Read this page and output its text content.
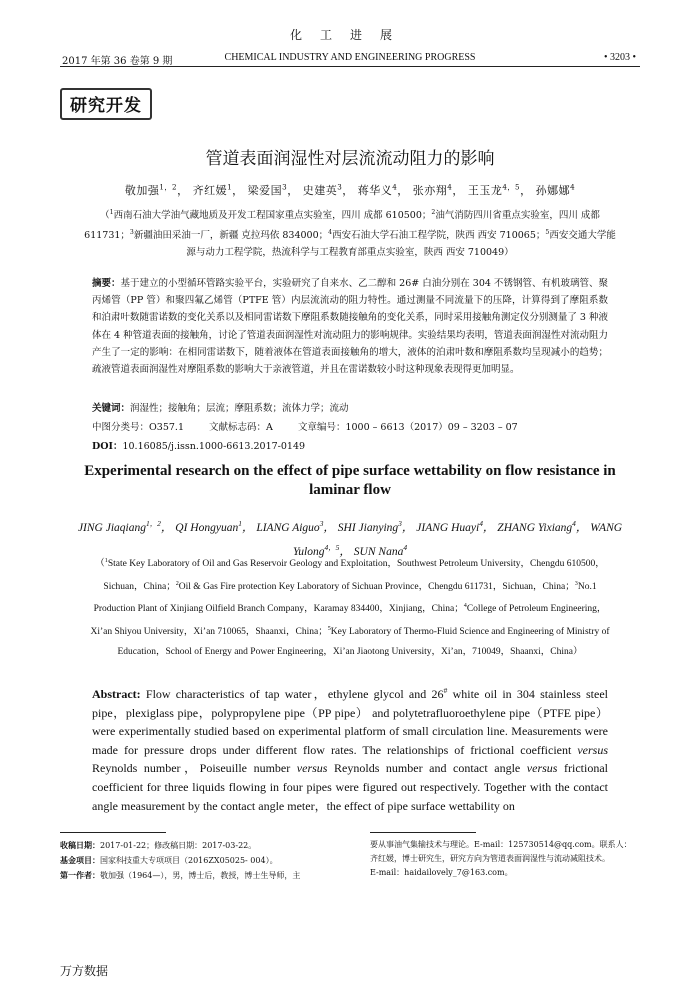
化工进展
2017 年第 36 卷第 9 期	CHEMICAL INDUSTRY AND ENGINEERING PROGRESS	• 3203 •
研究开发
管道表面润湿性对层流流动阻力的影响
敬加强$^{1,2}$， 齐红媛$^1$， 梁爱国$^3$， 史建英$^3$， 蒋华义$^4$， 张亦翔$^4$， 王玉龙$^{4,5}$， 孙娜娜$^4$
（$^1$西南石油大学油气藏地质及开发工程国家重点实验室，四川 成都 610500；$^2$油气消防四川省重点实验室，四川 成都 611731；$^3$新疆油田采油一厂，新疆 克拉玛依 834000；$^4$西安石油大学石油工程学院，陕西 西安 710065；$^5$西安交通大学能源与动力工程学院，热流科学与工程教育部重点实验室，陕西 西安 710049）
摘要：基于建立的小型循环管路实验平台，实验研究了自来水、乙二醇和 26# 白油分别在 304 不锈钢管、有机玻璃管、聚丙烯管（PP 管）和聚四氟乙烯管（PTFE 管）内层流流动的阻力特性。通过测量不同流量下的压降，计算得到了摩阻系数和泊肃叶数随雷诺数的变化关系以及相同雷诺数下摩阻系数随接触角的变化关系，同时采用接触角测定仪分别测量了 3 种液体在 4 种管道表面的接触角，讨论了管道表面润湿性对流动阻力的影响规律。实验结果均表明，管道表面润湿性对流动阻力产生了一定的影响：在相同雷诺数下，随着液体在管道表面接触角的增大，液体的泊肃叶数和摩阻系数均呈现减小的趋势；疏液管道表面润湿性对摩阻系数的影响大于亲液管道，并且在雷诺数较小时这种现象表现得更加明显。
关键词：润湿性；接触角；层流；摩阻系数；流体力学；流动
中图分类号：O357.1	文献标志码：A	文章编号：1000 – 6613（2017）09 – 3203 – 07
DOI：10.16085/j.issn.1000-6613.2017-0149
Experimental research on the effect of pipe surface wettability on flow resistance in laminar flow
JING Jiaqiang$^{1,2}$， QI Hongyuan$^1$， LIANG Aiguo$^3$， SHI Jianying$^3$， JIANG Huayi$^4$， ZHANG Yixiang$^4$， WANG Yulong$^{4,5}$， SUN Nana$^4$
（$^1$State Key Laboratory of Oil and Gas Reservoir Geology and Exploitation，Southwest Petroleum University，Chengdu 610500，Sichuan，China；$^2$Oil & Gas Fire protection Key Laboratory of Sichuan Province，Chengdu 611731，Sichuan，China；$^3$No.1 Production Plant of Xinjiang Oilfield Branch Company，Karamay 834400，Xinjiang，China；$^4$College of Petroleum Engineering，Xi’an Shiyou University，Xi’an 710065，Shaanxi，China；$^5$Key Laboratory of Thermo-Fluid Science and Engineering of Ministry of Education，School of Energy and Power Engineering，Xi’an Jiaotong University，Xi’an，710049，Shaanxi，China）
Abstract: Flow characteristics of tap water，ethylene glycol and 26# white oil in 304 stainless steel pipe，plexiglass pipe，polypropylene pipe（PP pipe） and polytetrafluoroethylene pipe（PTFE pipe） were experimentally studied based on experimental platform of small circulation line. Measurements were made for pressure drops under different flow rates. The relationships of frictional coefficient versus Reynolds number，Poiseuille number versus Reynolds number and contact angle versus frictional coefficient for three liquids flowing in four pipes were figured out respectively. Together with the contact angle measurement by the contact angle meter，the effect of pipe surface wettability on
收稿日期：2017-01-22；修改稿日期：2017-03-22。
基金项目：国家科技重大专项项目（2016ZX05025- 004）。
第一作者：敬加强（1964—），男，博士后，教授，博士生导师，主
要从事油气集输技术与理论。E-mail：125730514@qq.com。联系人：
齐红媛，博士研究生，研究方向为管道表面润湿性与流动减阻技术。
E-mail：haidailovely_7@163.com。
万方数据
